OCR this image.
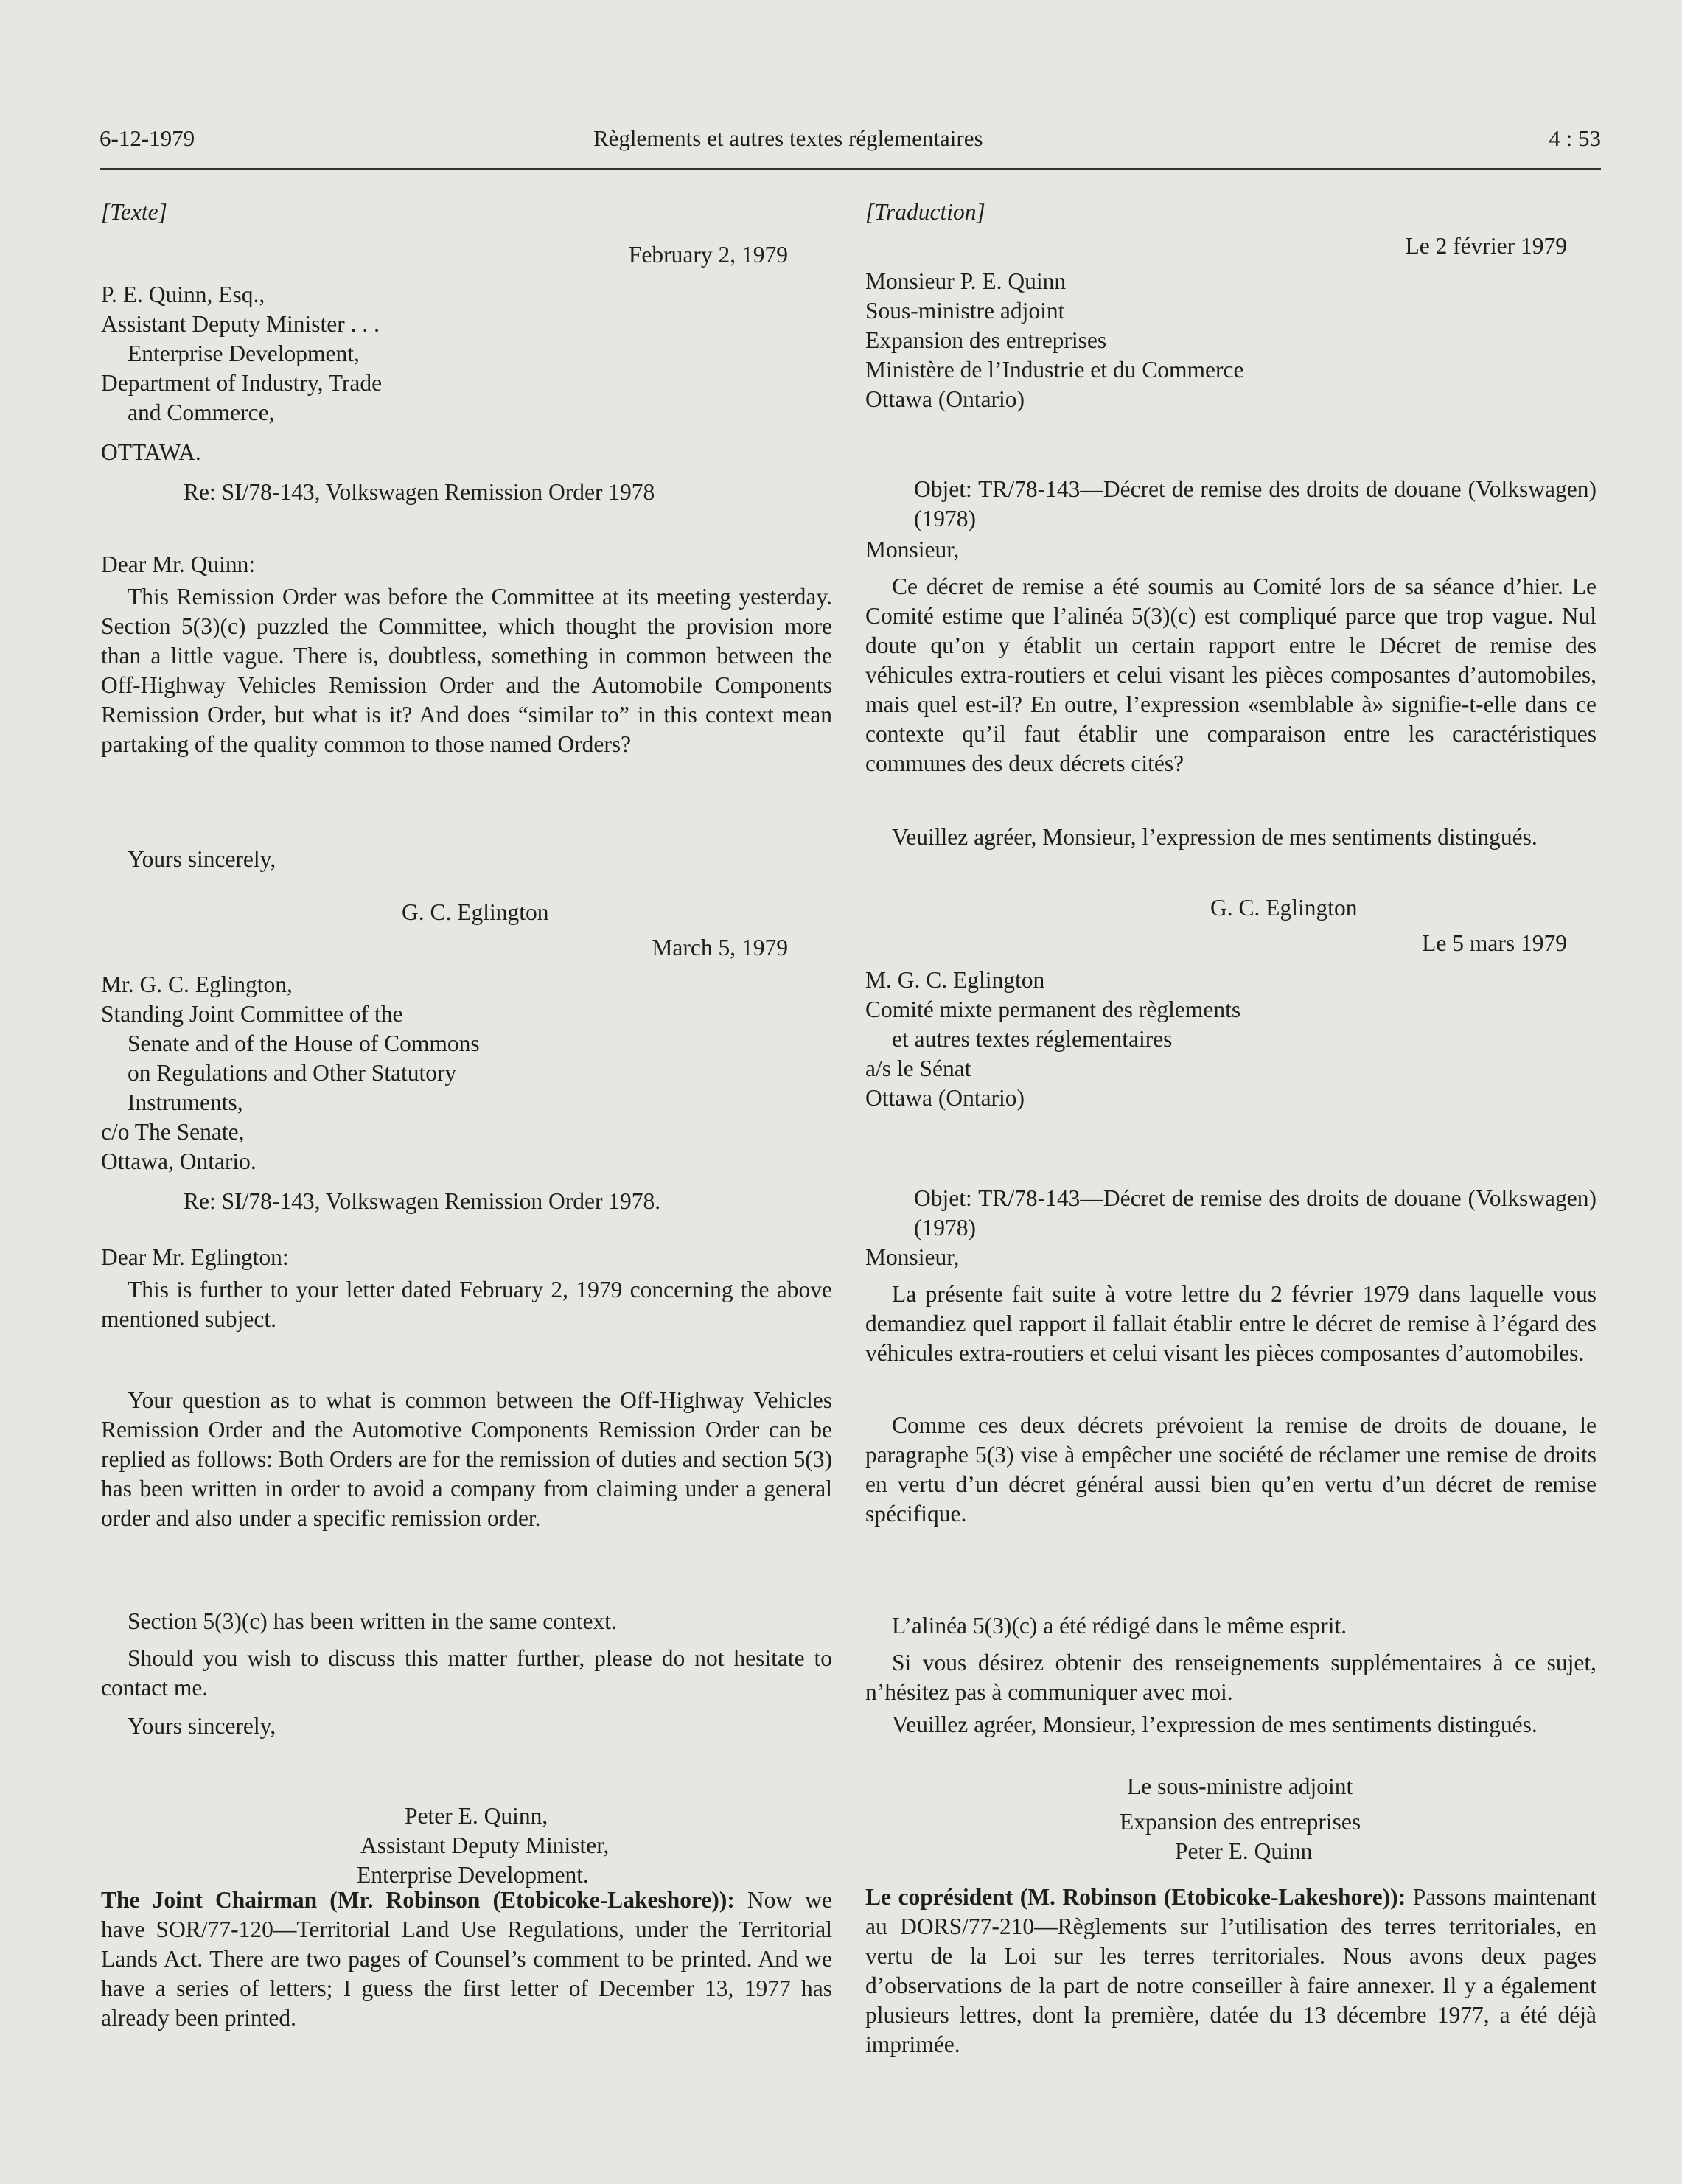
6-12-1979	Règlements et autres textes réglementaires	4 : 53
[Texte]
February 2, 1979

P. E. Quinn, Esq.,

Assistant Deputy Minister . . .

Enterprise Development,

Department of Industry, Trade

and Commerce,

OTTAWA.

Re: SI/78-143, Volkswagen Remission Order 1978
Dear Mr. Quinn:
This Remission Order was before the Committee at its meeting yesterday. Section 5(3)(c) puzzled the Committee, which thought the provision more than a little vague. There is, doubtless, something in common between the Off-Highway Vehicles Remission Order and the Automobile Components Remission Order, but what is it? And does “similar to” in this context mean partaking of the quality common to those named Orders?
Yours sincerely,
G. C. Eglington
March 5, 1979

Mr. G. C. Eglington,

Standing Joint Committee of the

Senate and of the House of Commons

on Regulations and Other Statutory

Instruments,

c/o The Senate,

Ottawa, Ontario.

Re: SI/78-143, Volkswagen Remission Order 1978.
Dear Mr. Eglington:
This is further to your letter dated February 2, 1979 concerning the above mentioned subject.
Your question as to what is common between the Off-Highway Vehicles Remission Order and the Automotive Components Remission Order can be replied as follows: Both Orders are for the remission of duties and section 5(3) has been written in order to avoid a company from claiming under a general order and also under a specific remission order.
Section 5(3)(c) has been written in the same context.
Should you wish to discuss this matter further, please do not hesitate to contact me.
Yours sincerely,

Peter E. Quinn,

Assistant Deputy Minister,

Enterprise Development.

The Joint Chairman (Mr. Robinson (Etobicoke-Lakeshore)): Now we have SOR/77-120—Territorial Land Use Regulations, under the Territorial Lands Act. There are two pages of Counsel’s comment to be printed. And we have a series of letters; I guess the first letter of December 13, 1977 has already been printed.
[Traduction]
Le 2 février 1979

Monsieur P. E. Quinn

Sous-ministre adjoint

Expansion des entreprises

Ministère de l’Industrie et du Commerce

Ottawa (Ontario)

Objet: TR/78-143—Décret de remise des droits de douane (Volkswagen) (1978)
Monsieur,
Ce décret de remise a été soumis au Comité lors de sa séance d’hier. Le Comité estime que l’alinéa 5(3)(c) est compliqué parce que trop vague. Nul doute qu’on y établit un certain rapport entre le Décret de remise des véhicules extra-routiers et celui visant les pièces composantes d’automobiles, mais quel est-il? En outre, l’expression «semblable à» signifie-t-elle dans ce contexte qu’il faut établir une comparaison entre les caractéristiques communes des deux décrets cités?
Veuillez agréer, Monsieur, l’expression de mes sentiments distingués.
G. C. Eglington
Le 5 mars 1979

M. G. C. Eglington

Comité mixte permanent des règlements

et autres textes réglementaires

a/s le Sénat

Ottawa (Ontario)

Objet: TR/78-143—Décret de remise des droits de douane (Volkswagen) (1978)
Monsieur,
La présente fait suite à votre lettre du 2 février 1979 dans laquelle vous demandiez quel rapport il fallait établir entre le décret de remise à l’égard des véhicules extra-routiers et celui visant les pièces composantes d’automobiles.
Comme ces deux décrets prévoient la remise de droits de douane, le paragraphe 5(3) vise à empêcher une société de réclamer une remise de droits en vertu d’un décret général aussi bien qu’en vertu d’un décret de remise spécifique.
L’alinéa 5(3)(c) a été rédigé dans le même esprit.
Si vous désirez obtenir des renseignements supplémentaires à ce sujet, n’hésitez pas à communiquer avec moi.
Veuillez agréer, Monsieur, l’expression de mes sentiments distingués.

Le sous-ministre adjoint

Expansion des entreprises

Peter E. Quinn

Le coprésident (M. Robinson (Etobicoke-Lakeshore)): Passons maintenant au DORS/77-210—Règlements sur l’utilisation des terres territoriales, en vertu de la Loi sur les terres territoriales. Nous avons deux pages d’observations de la part de notre conseiller à faire annexer. Il y a également plusieurs lettres, dont la première, datée du 13 décembre 1977, a été déjà imprimée.
